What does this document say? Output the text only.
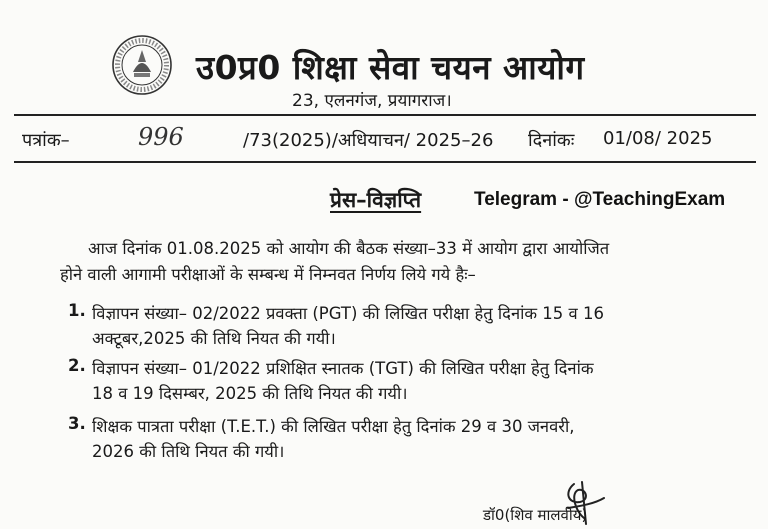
उ0प्र0 शिक्षा सेवा चयन आयोग
23, एलनगंज, प्रयागराज।
पत्रांक–	996	/73(2025)/अधियाचन/ 2025–26 दिनांकः 01/08/ 2025
प्रेस–विज्ञप्ति	Telegram - @TeachingExam
आज दिनांक 01.08.2025 को आयोग की बैठक संख्या–33 में आयोग द्वारा आयोजित
होने वाली आगामी परीक्षाओं के सम्बन्ध में निम्नवत निर्णय लिये गये हैः–
1. विज्ञापन संख्या– 02/2022 प्रवक्ता (PGT) की लिखित परीक्षा हेतु दिनांक 15 व 16
अक्टूबर,2025 की तिथि नियत की गयी।
2. विज्ञापन संख्या– 01/2022 प्रशिक्षित स्नातक (TGT) की लिखित परीक्षा हेतु दिनांक
18 व 19 दिसम्बर, 2025 की तिथि नियत की गयी।
3. शिक्षक पात्रता परीक्षा (T.E.T.) की लिखित परीक्षा हेतु दिनांक 29 व 30 जनवरी,
2026 की तिथि नियत की गयी।
डॉ0(शिव मालवीय)
